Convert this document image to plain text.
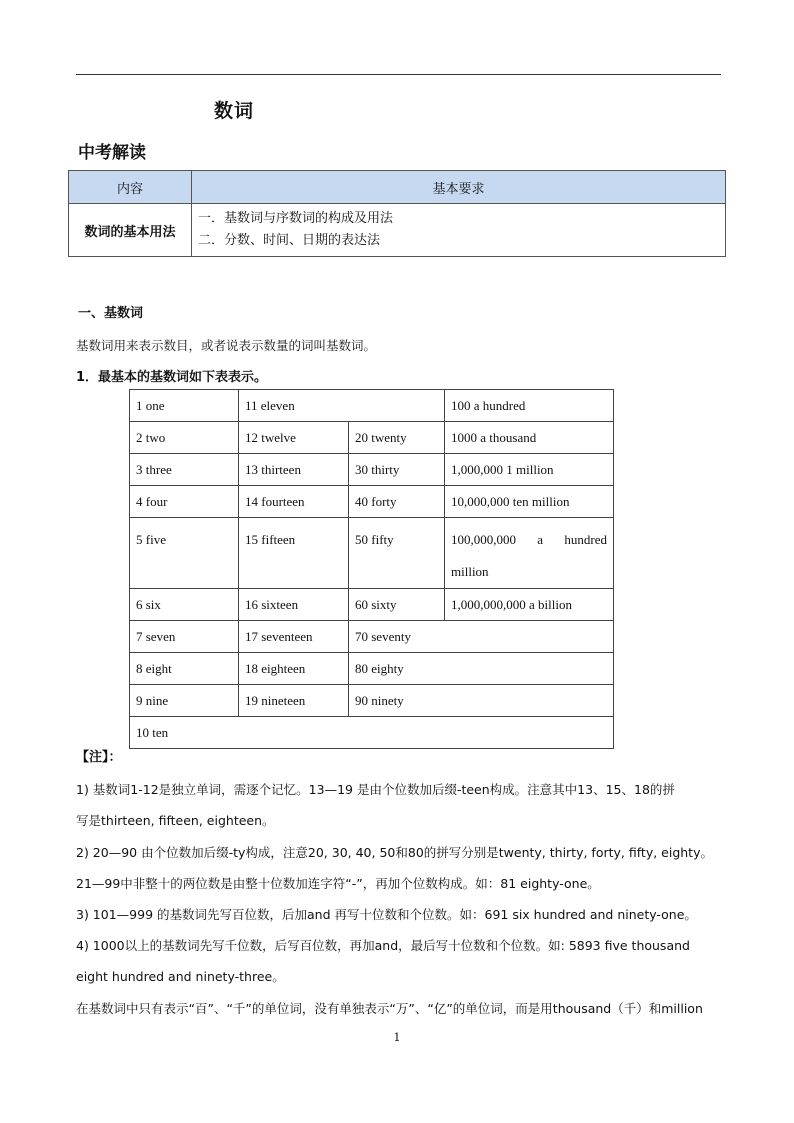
数词
中考解读
内容	基本要求
数词的基本用法	一．基数词与序数词的构成及用法
二．分数、时间、日期的表达法
一、基数词
基数词用来表示数目，或者说表示数量的词叫基数词。
1．最基本的基数词如下表表示。
1 one	11 eleven		100 a hundred
2 two	12 twelve	20 twenty	1000 a thousand
3 three	13 thirteen	30 thirty	1,000,000 1 million
4 four	14 fourteen	40 forty	10,000,000 ten million
5 five	15 fifteen	50 fifty	100,000,000 a hundred
million

6 six	16 sixteen	60 sixty	1,000,000,000 a billion
7 seven	17 seventeen	70 seventy	
8 eight	18 eighteen	80 eighty	
9 nine	19 nineteen	90 ninety	
10 ten			
【注】：
1) 基数词1-12是独立单词，需逐个记忆。13—19 是由个位数加后缀-teen构成。注意其中13、15、18的拼
写是thirteen, fifteen, eighteen。
2) 20—90 由个位数加后缀-ty构成，注意20, 30, 40, 50和80的拼写分别是twenty, thirty, forty, fifty, eighty。
21—99中非整十的两位数是由整十位数加连字符“-”，再加个位数构成。如：81 eighty-one。
3) 101—999 的基数词先写百位数，后加and 再写十位数和个位数。如：691 six hundred and ninety-one。
4) 1000以上的基数词先写千位数，后写百位数，再加and，最后写十位数和个位数。如: 5893 five thousand
eight hundred and ninety-three。
在基数词中只有表示“百”、“千”的单位词，没有单独表示“万”、“亿”的单位词，而是用thousand（千）和million
1
